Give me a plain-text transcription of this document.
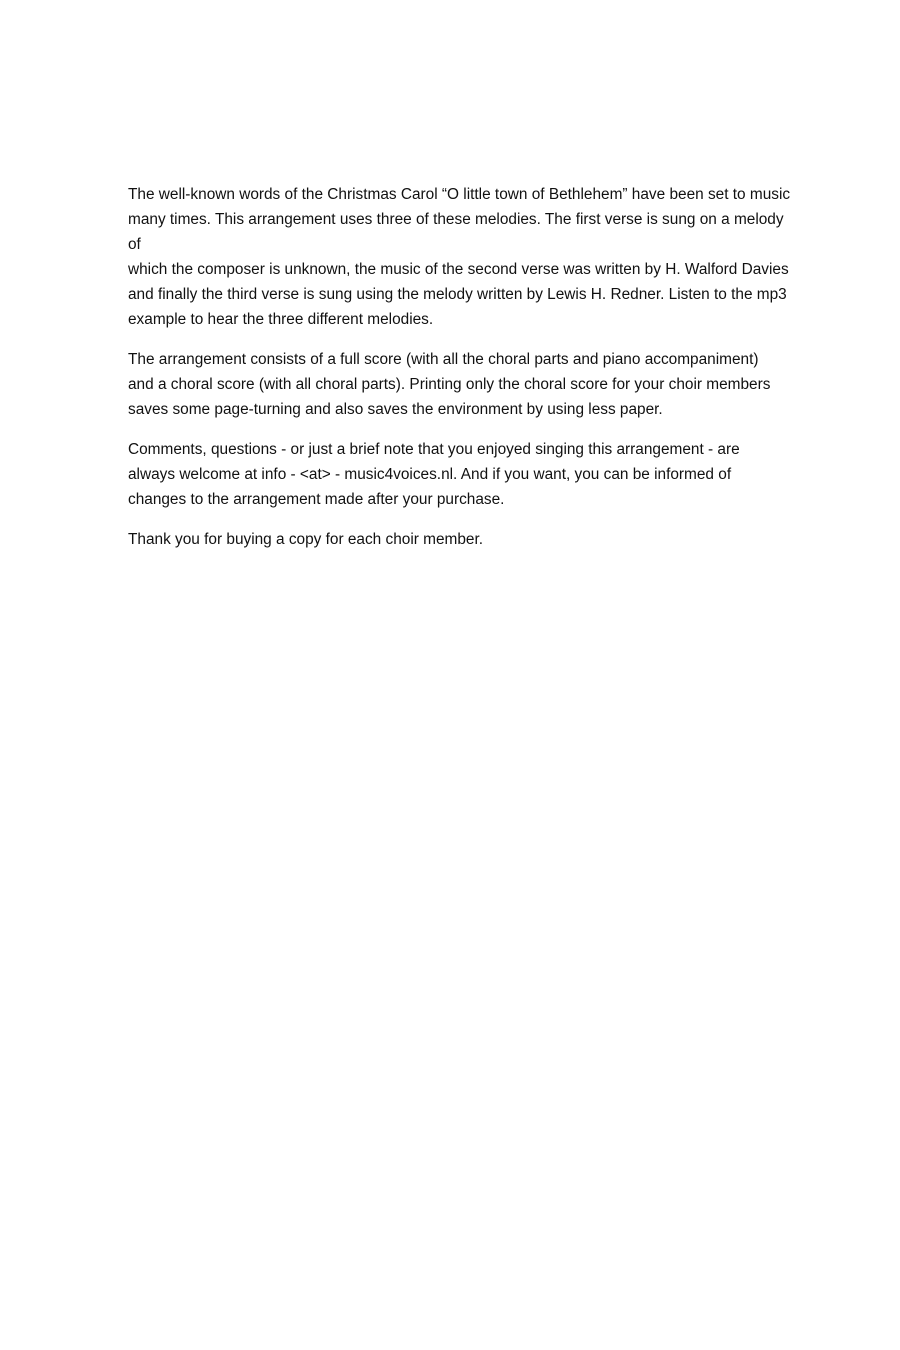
The well-known words of the Christmas Carol “O little town of Bethlehem” have been set to music
many times. This arrangement uses three of these melodies. The first verse is sung on a melody of
which the composer is unknown, the music of the second verse was written by H. Walford Davies
and finally the third verse is sung using the melody written by Lewis H. Redner. Listen to the mp3
example to hear the three different melodies.

The arrangement consists of a full score (with all the choral parts and piano accompaniment)
and a choral score (with all choral parts). Printing only the choral score for your choir members
saves some page-turning and also saves the environment by using less paper.

Comments, questions - or just a brief note that you enjoyed singing this arrangement - are
always welcome at info - <at> - music4voices.nl. And if you want, you can be informed of
changes to the arrangement made after your purchase.

Thank you for buying a copy for each choir member.
